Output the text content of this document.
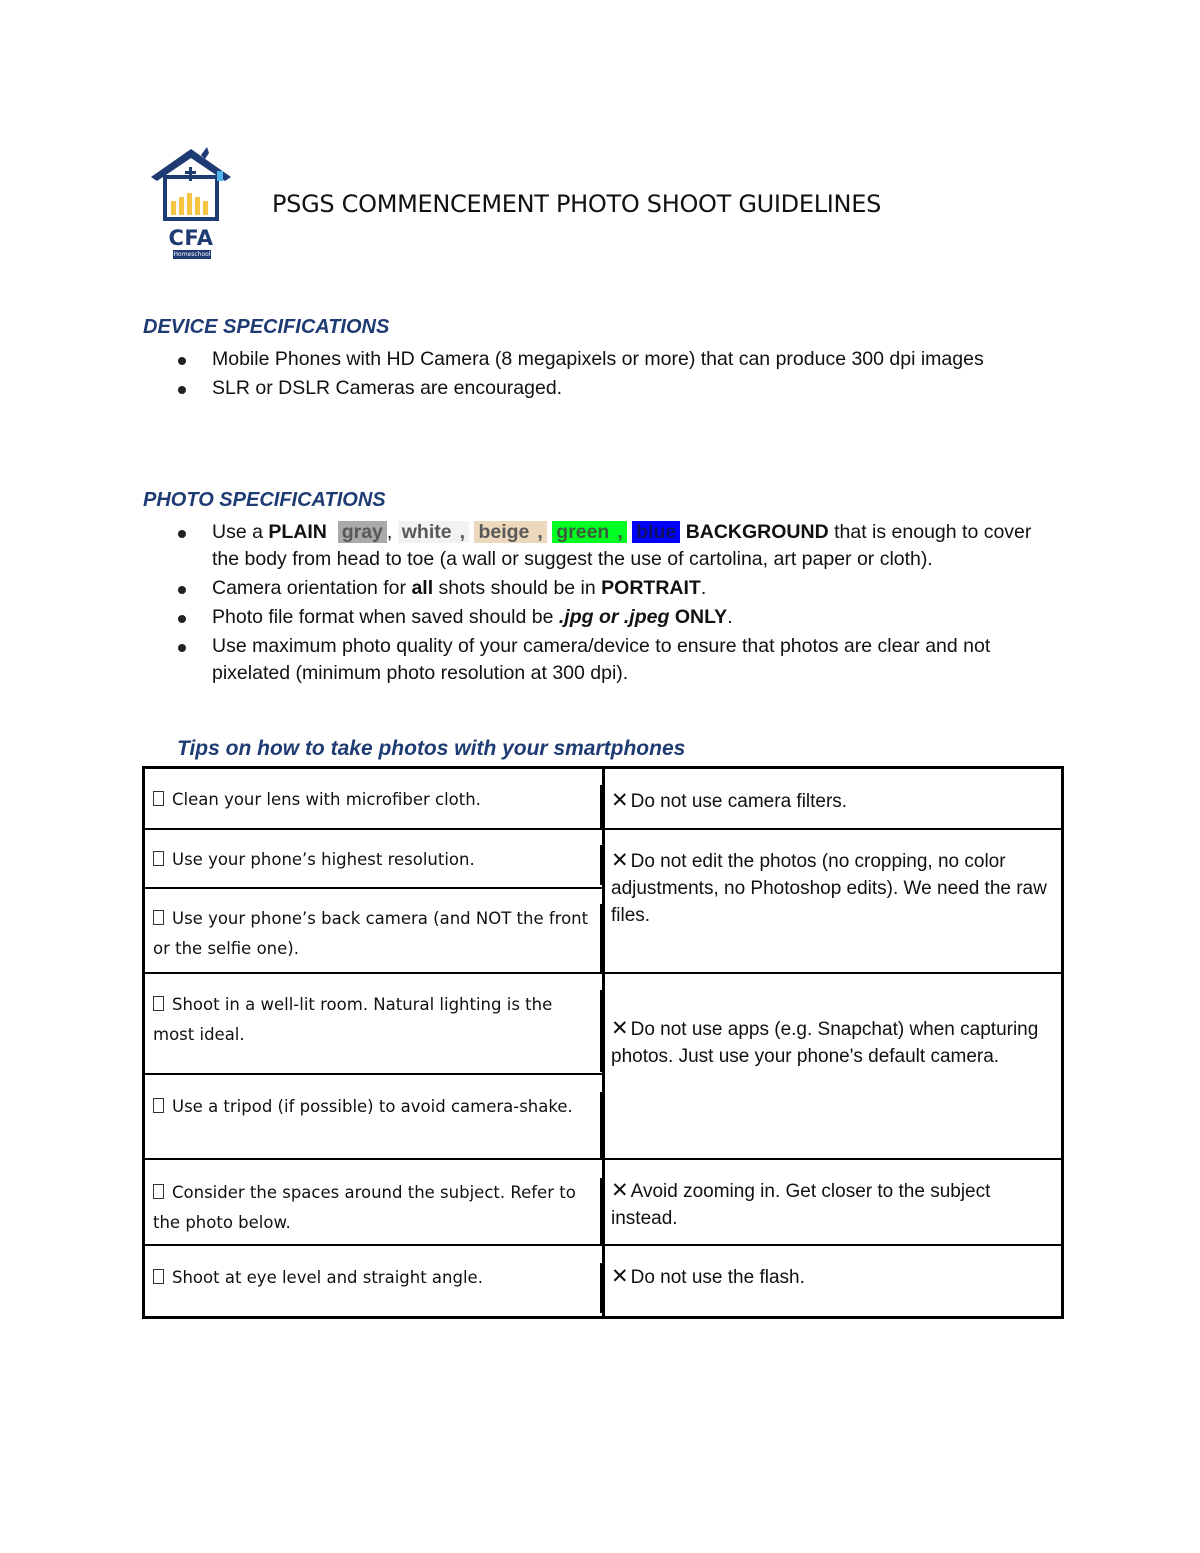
CFA
Homeschool
PSGS COMMENCEMENT PHOTO SHOOT GUIDELINES
DEVICE SPECIFICATIONS
Mobile Phones with HD Camera (8 megapixels or more) that can produce 300 dpi images
SLR or DSLR Cameras are encouraged.
PHOTO SPECIFICATIONS
Use a PLAIN gray , white , beige , green , blue BACKGROUND that is enough to cover the body from head to toe (a wall or suggest the use of cartolina, art paper or cloth).
Camera orientation for all shots should be in PORTRAIT.
Photo file format when saved should be .jpg or .jpeg ONLY.
Use maximum photo quality of your camera/device to ensure that photos are clear and not pixelated (minimum photo resolution at 300 dpi).
Tips on how to take photos with your smartphones
Clean your lens with microfiber cloth.
Use your phone’s highest resolution.
Use your phone’s back camera (and NOT the front or the selfie one).
Shoot in a well-lit room. Natural lighting is the most ideal.
Use a tripod (if possible) to avoid camera-shake.
Consider the spaces around the subject. Refer to the photo below.
Shoot at eye level and straight angle.
✕ Do not use camera filters.
✕ Do not edit the photos (no cropping, no color adjustments, no Photoshop edits). We need the raw files.
✕ Do not use apps (e.g. Snapchat) when capturing photos. Just use your phone's default camera.
✕ Avoid zooming in. Get closer to the subject instead.
✕ Do not use the flash.
